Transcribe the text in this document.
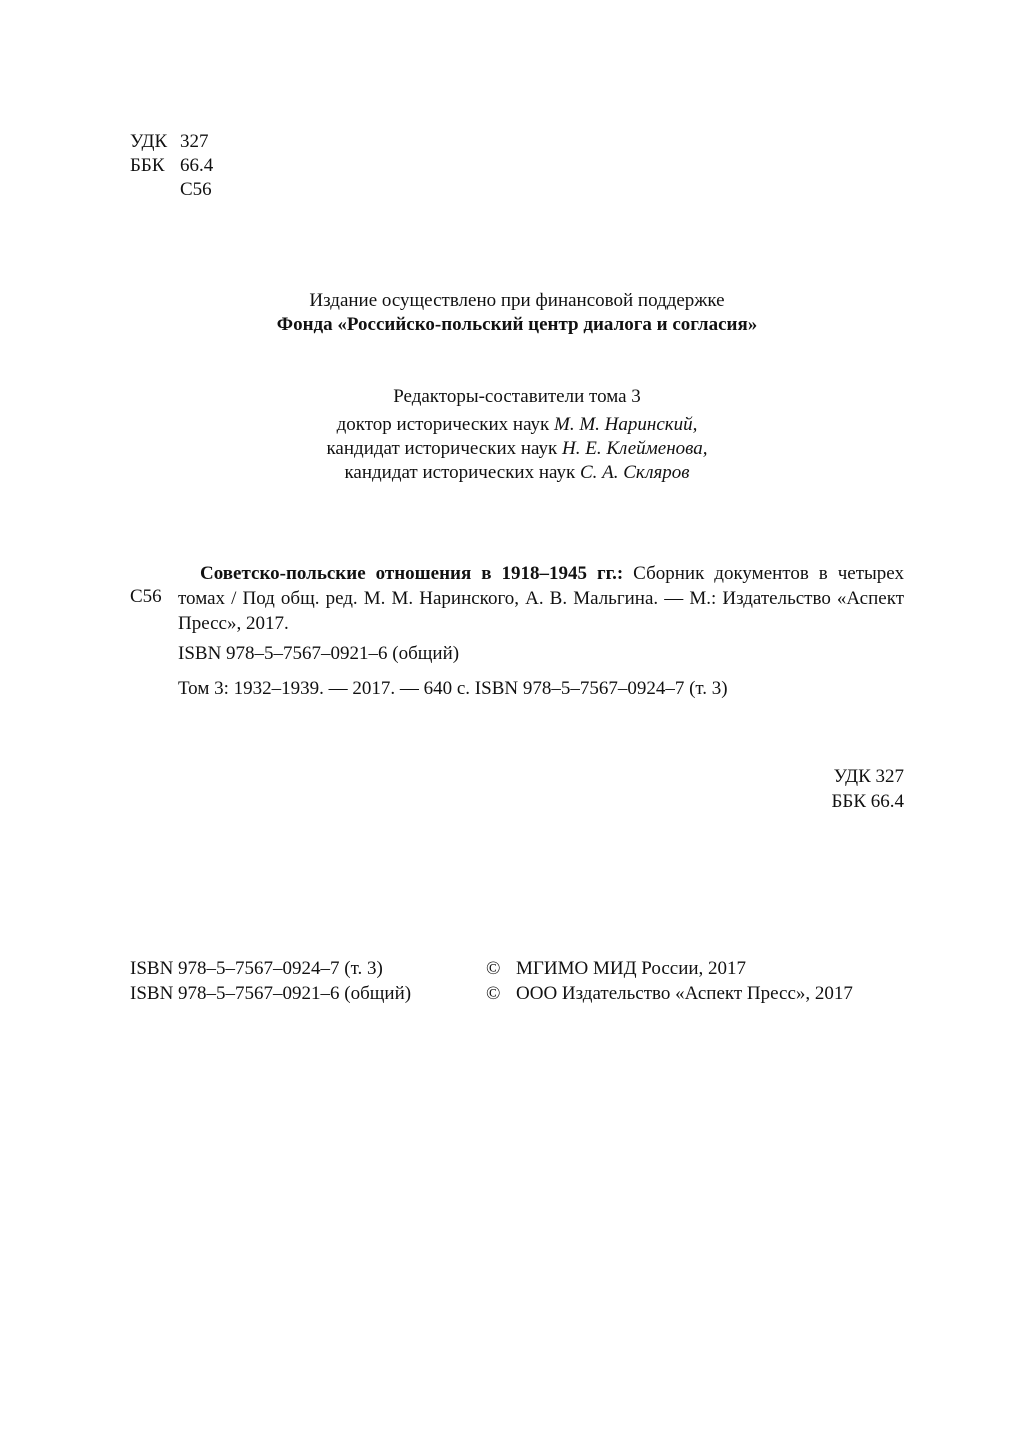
УДК 327
ББК 66.4
С56
Издание осуществлено при финансовой поддержке
Фонда «Российско-польский центр диалога и согласия»
Редакторы-составители тома 3
доктор исторических наук М. М. Наринский,
кандидат исторических наук Н. Е. Клейменова,
кандидат исторических наук С. А. Скляров
С56
Советско-польские отношения в 1918–1945 гг.: Сборник документов в четырех томах / Под общ. ред. М. М. Наринского, А. В. Мальгина. — М.: Издательство «Аспект Пресс», 2017.
ISBN 978–5–7567–0921–6 (общий)
Том 3: 1932–1939. — 2017. — 640 с. ISBN 978–5–7567–0924–7 (т. 3)
УДК 327
ББК 66.4
ISBN 978–5–7567–0924–7 (т. 3)
ISBN 978–5–7567–0921–6 (общий)
© МГИМО МИД России, 2017
© ООО Издательство «Аспект Пресс», 2017
